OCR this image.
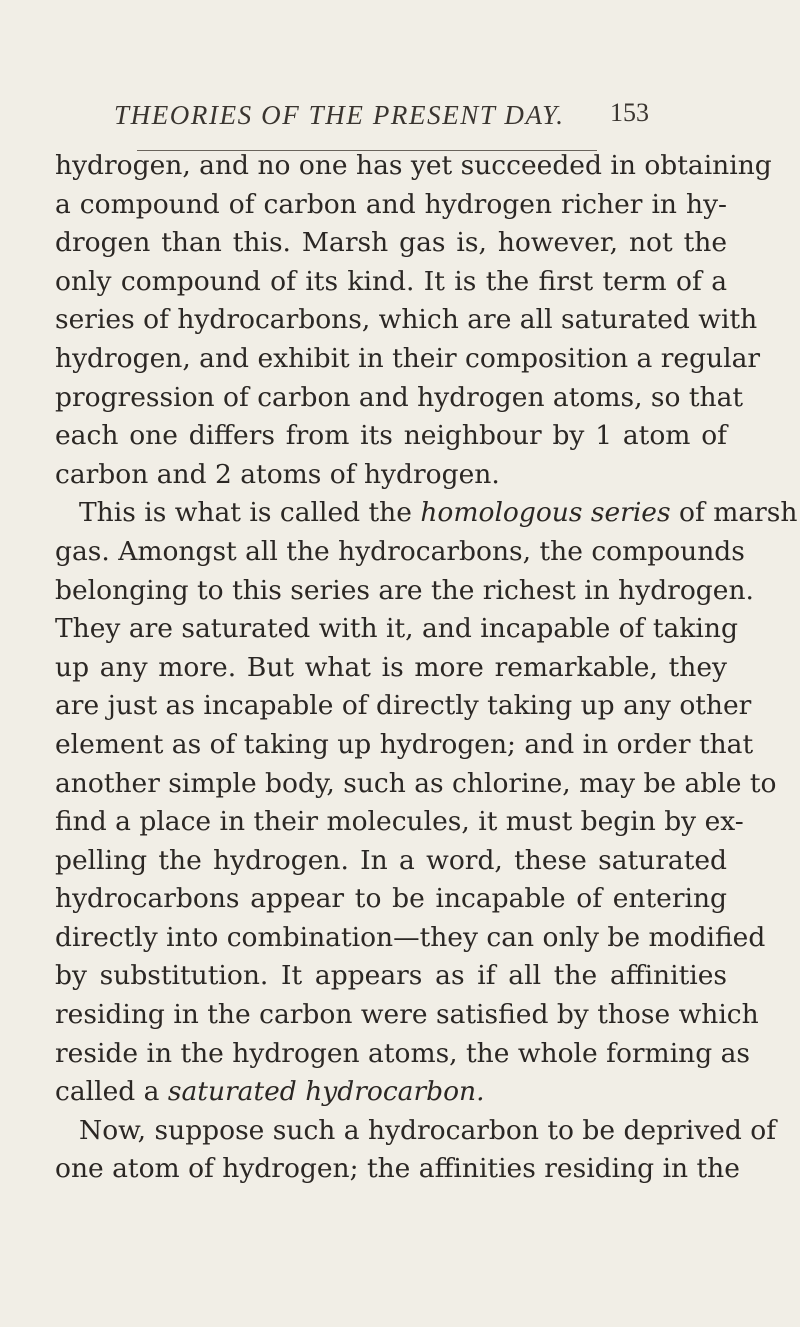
THEORIES OF THE PRESENT DAY. 153
hydrogen, and no one has yet succeeded in obtaining
a compound of carbon and hydrogen richer in hy-
drogen than this. Marsh gas is, however, not the
only compound of its kind. It is the first term of a
series of hydrocarbons, which are all saturated with
hydrogen, and exhibit in their composition a regular
progression of carbon and hydrogen atoms, so that
each one differs from its neighbour by 1 atom of
carbon and 2 atoms of hydrogen.
This is what is called the homologous series of marsh
gas. Amongst all the hydrocarbons, the compounds
belonging to this series are the richest in hydrogen.
They are saturated with it, and incapable of taking
up any more. But what is more remarkable, they
are just as incapable of directly taking up any other
element as of taking up hydrogen; and in order that
another simple body, such as chlorine, may be able to
find a place in their molecules, it must begin by ex-
pelling the hydrogen. In a word, these saturated
hydrocarbons appear to be incapable of entering
directly into combination—they can only be modified
by substitution. It appears as if all the affinities
residing in the carbon were satisfied by those which
reside in the hydrogen atoms, the whole forming as
called a saturated hydrocarbon.
Now, suppose such a hydrocarbon to be deprived of
one atom of hydrogen; the affinities residing in the
